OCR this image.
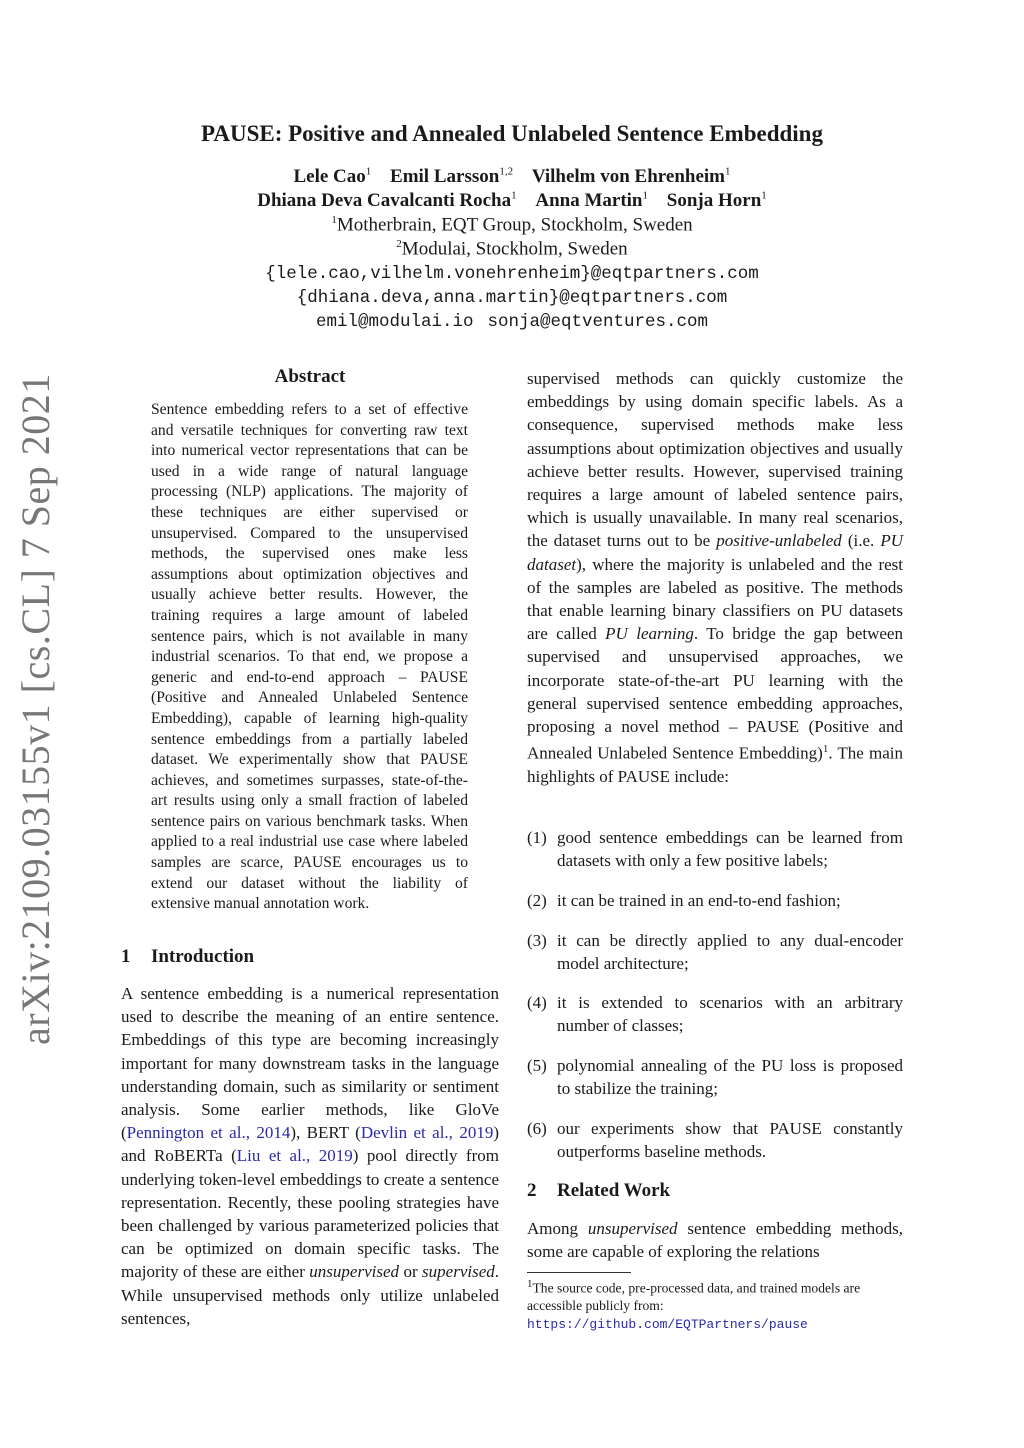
arXiv:2109.03155v1 [cs.CL] 7 Sep 2021
PAUSE: Positive and Annealed Unlabeled Sentence Embedding
Lele Cao$^1$ Emil Larsson$^{1,2}$ Vilhelm von Ehrenheim$^1$
Dhiana Deva Cavalcanti Rocha$^1$ Anna Martin$^1$ Sonja Horn$^1$
$^1$Motherbrain, EQT Group, Stockholm, Sweden
$^2$Modulai, Stockholm, Sweden
{lele.cao,vilhelm.vonehrenheim}@eqtpartners.com
{dhiana.deva,anna.martin}@eqtpartners.com
emil@modulai.io sonja@eqtventures.com
Abstract
Sentence embedding refers to a set of effective and versatile techniques for converting raw text into numerical vector representations that can be used in a wide range of natural language processing (NLP) applications. The majority of these techniques are either supervised or unsupervised. Compared to the unsupervised methods, the supervised ones make less assumptions about optimization objectives and usually achieve better results. However, the training requires a large amount of labeled sentence pairs, which is not available in many industrial scenarios. To that end, we propose a generic and end-to-end approach – PAUSE (Positive and Annealed Unlabeled Sentence Embedding), capable of learning high-quality sentence embeddings from a partially labeled dataset. We experimentally show that PAUSE achieves, and sometimes surpasses, state-of-the-art results using only a small fraction of labeled sentence pairs on various benchmark tasks. When applied to a real industrial use case where labeled samples are scarce, PAUSE encourages us to extend our dataset without the liability of extensive manual annotation work.
1 Introduction
A sentence embedding is a numerical representation used to describe the meaning of an entire sentence. Embeddings of this type are becoming increasingly important for many downstream tasks in the language understanding domain, such as similarity or sentiment analysis. Some earlier methods, like GloVe (Pennington et al., 2014), BERT (Devlin et al., 2019) and RoBERTa (Liu et al., 2019) pool directly from underlying token-level embeddings to create a sentence representation. Recently, these pooling strategies have been challenged by various parameterized policies that can be optimized on domain specific tasks. The majority of these are either unsupervised or supervised. While unsupervised methods only utilize unlabeled sentences,
supervised methods can quickly customize the embeddings by using domain specific labels. As a consequence, supervised methods make less assumptions about optimization objectives and usually achieve better results. However, supervised training requires a large amount of labeled sentence pairs, which is usually unavailable. In many real scenarios, the dataset turns out to be positive-unlabeled (i.e. PU dataset), where the majority is unlabeled and the rest of the samples are labeled as positive. The methods that enable learning binary classifiers on PU datasets are called PU learning. To bridge the gap between supervised and unsupervised approaches, we incorporate state-of-the-art PU learning with the general supervised sentence embedding approaches, proposing a novel method – PAUSE (Positive and Annealed Unlabeled Sentence Embedding)$^1$. The main highlights of PAUSE include:
(1) good sentence embeddings can be learned from datasets with only a few positive labels;
(2) it can be trained in an end-to-end fashion;
(3) it can be directly applied to any dual-encoder model architecture;
(4) it is extended to scenarios with an arbitrary number of classes;
(5) polynomial annealing of the PU loss is proposed to stabilize the training;
(6) our experiments show that PAUSE constantly outperforms baseline methods.
2 Related Work
Among unsupervised sentence embedding methods, some are capable of exploring the relations
$^1$The source code, pre-processed data, and trained models are accessible publicly from: https://github.com/EQTPartners/pause
